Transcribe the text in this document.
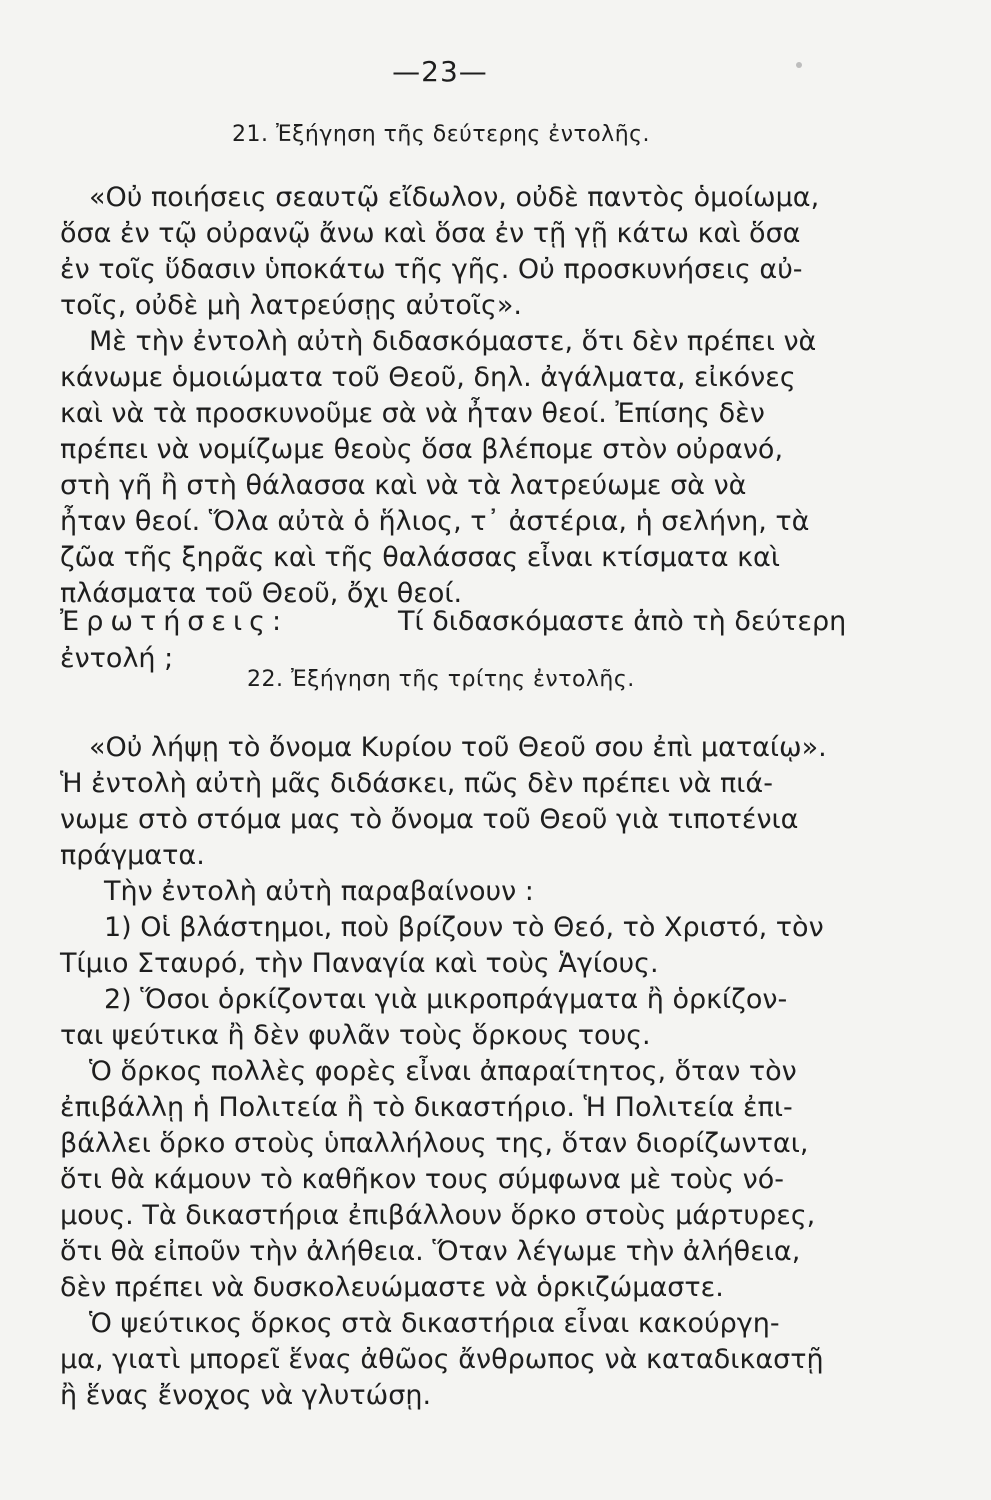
—23—
21. Ἐξήγηση τῆς δεύτερης ἐντολῆς.
«Οὐ ποιήσεις σεαυτῷ εἴδωλον, οὐδὲ παντὸς ὁμοίωμα,
ὅσα ἐν τῷ οὐρανῷ ἄνω καὶ ὅσα ἐν τῇ γῇ κάτω καὶ ὅσα
ἐν τοῖς ὕδασιν ὑποκάτω τῆς γῆς. Οὐ προσκυνήσεις αὐ-
τοῖς, οὐδὲ μὴ λατρεύσῃς αὐτοῖς».
Μὲ τὴν ἐντολὴ αὐτὴ διδασκόμαστε, ὅτι δὲν πρέπει νὰ
κάνωμε ὁμοιώματα τοῦ Θεοῦ, δηλ. ἀγάλματα, εἰκόνες
καὶ νὰ τὰ προσκυνοῦμε σὰ νὰ ἦταν θεοί. Ἐπίσης δὲν
πρέπει νὰ νομίζωμε θεοὺς ὅσα βλέπομε στὸν οὐρανό,
στὴ γῆ ἢ στὴ θάλασσα καὶ νὰ τὰ λατρεύωμε σὰ νὰ
ἦταν θεοί. Ὅλα αὐτὰ ὁ ἥλιος, τ᾽ ἀστέρια, ἡ σελήνη, τὰ
ζῶα τῆς ξηρᾶς καὶ τῆς θαλάσσας εἶναι κτίσματα καὶ
πλάσματα τοῦ Θεοῦ, ὄχι θεοί.
Ἐρωτήσεις:	Τί διδασκόμαστε ἀπὸ τὴ δεύτερη
ἐντολή ;
22. Ἐξήγηση τῆς τρίτης ἐντολῆς.
«Οὐ λήψῃ τὸ ὄνομα Κυρίου τοῦ Θεοῦ σου ἐπὶ ματαίῳ».
Ἡ ἐντολὴ αὐτὴ μᾶς διδάσκει, πῶς δὲν πρέπει νὰ πιά-
νωμε στὸ στόμα μας τὸ ὄνομα τοῦ Θεοῦ γιὰ τιποτένια
πράγματα.
Τὴν ἐντολὴ αὐτὴ παραβαίνουν :
1) Οἱ βλάστημοι, ποὺ βρίζουν τὸ Θεό, τὸ Χριστό, τὸν
Τίμιο Σταυρό, τὴν Παναγία καὶ τοὺς Ἁγίους.
2) Ὅσοι ὁρκίζονται γιὰ μικροπράγματα ἢ ὁρκίζον-
ται ψεύτικα ἢ δὲν φυλᾶν τοὺς ὅρκους τους.
Ὁ ὅρκος πολλὲς φορὲς εἶναι ἀπαραίτητος, ὅταν τὸν
ἐπιβάλλῃ ἡ Πολιτεία ἢ τὸ δικαστήριο. Ἡ Πολιτεία ἐπι-
βάλλει ὅρκο στοὺς ὑπαλλήλους της, ὅταν διορίζωνται,
ὅτι θὰ κάμουν τὸ καθῆκον τους σύμφωνα μὲ τοὺς νό-
μους. Τὰ δικαστήρια ἐπιβάλλουν ὅρκο στοὺς μάρτυρες,
ὅτι θὰ εἰποῦν τὴν ἀλήθεια. Ὅταν λέγωμε τὴν ἀλήθεια,
δὲν πρέπει νὰ δυσκολευώμαστε νὰ ὁρκιζώμαστε.
Ὁ ψεύτικος ὅρκος στὰ δικαστήρια εἶναι κακούργη-
μα, γιατὶ μπορεῖ ἕνας ἀθῶος ἄνθρωπος νὰ καταδικαστῇ
ἢ ἕνας ἔνοχος νὰ γλυτώσῃ.
